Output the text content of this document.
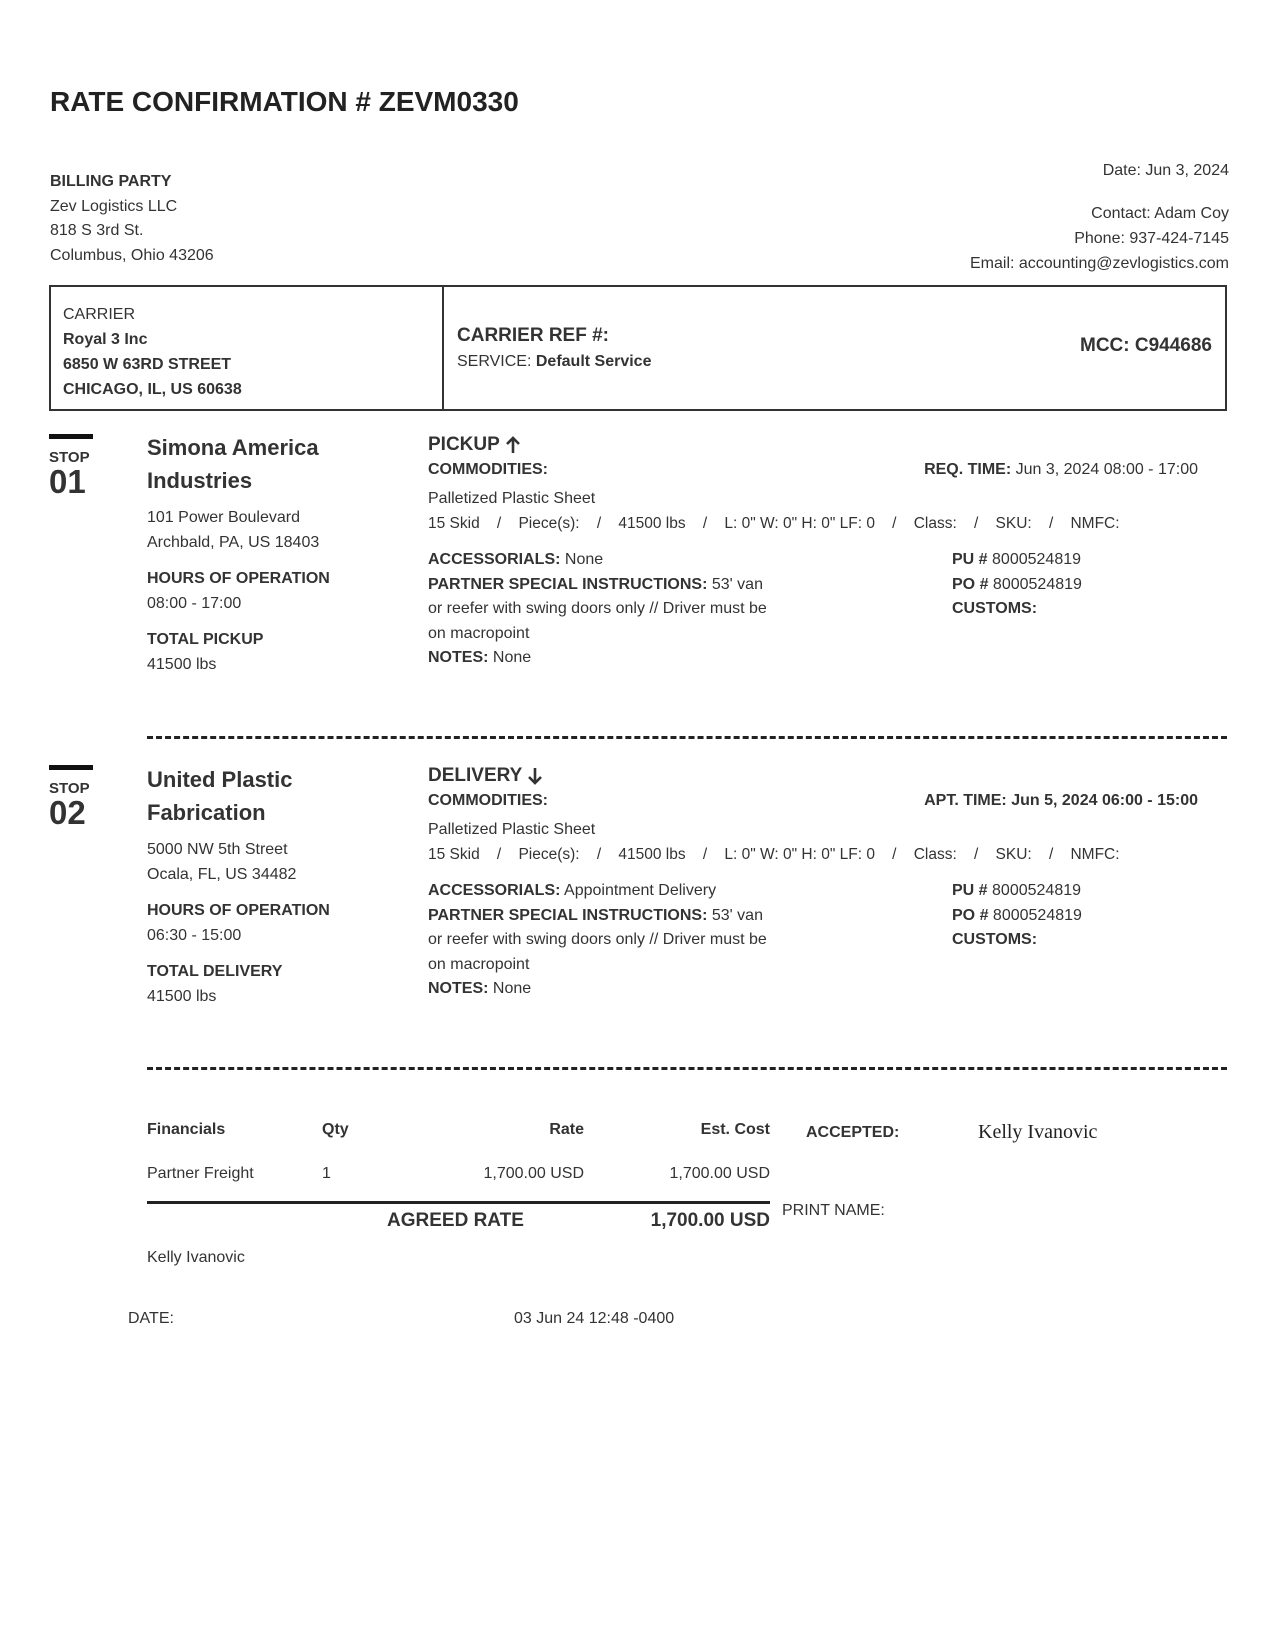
RATE CONFIRMATION # ZEVM0330
BILLING PARTY
Zev Logistics LLC
818 S 3rd St.
Columbus, Ohio 43206
Date: Jun 3, 2024
Contact: Adam Coy
Phone: 937-424-7145
Email: accounting@zevlogistics.com
CARRIER
Royal 3 Inc
6850 W 63RD STREET
CHICAGO, IL, US 60638
CARRIER REF #:
SERVICE: Default Service
MCC: C944686
STOP
01
Simona America
Industries
101 Power Boulevard
Archbald, PA, US 18403
HOURS OF OPERATION
08:00 - 17:00
TOTAL PICKUP
41500 lbs
PICKUP
COMMODITIES:	REQ. TIME: Jun 3, 2024 08:00 - 17:00
Palletized Plastic Sheet
15 Skid    /    Piece(s):    /    41500 lbs    /    L: 0" W: 0" H: 0" LF: 0    /    Class:    /    SKU:    /    NMFC:
ACCESSORIALS: None
PARTNER SPECIAL INSTRUCTIONS: 53' van
or reefer with swing doors only // Driver must be
on macropoint
NOTES: None
PU # 8000524819
PO # 8000524819
CUSTOMS:
STOP
02
United Plastic
Fabrication
5000 NW 5th Street
Ocala, FL, US 34482
HOURS OF OPERATION
06:30 - 15:00
TOTAL DELIVERY
41500 lbs
DELIVERY
COMMODITIES:	APT. TIME: Jun 5, 2024 06:00 - 15:00
Palletized Plastic Sheet
15 Skid    /    Piece(s):    /    41500 lbs    /    L: 0" W: 0" H: 0" LF: 0    /    Class:    /    SKU:    /    NMFC:
ACCESSORIALS: Appointment Delivery
PARTNER SPECIAL INSTRUCTIONS: 53' van
or reefer with swing doors only // Driver must be
on macropoint
NOTES: None
PU # 8000524819
PO # 8000524819
CUSTOMS:
Financials	Qty	Rate	Est. Cost
Partner Freight	1	1,700.00 USD	1,700.00 USD
AGREED RATE	1,700.00 USD
ACCEPTED:	Kelly Ivanovic
PRINT NAME:
Kelly Ivanovic
DATE:	03 Jun 24 12:48 -0400
